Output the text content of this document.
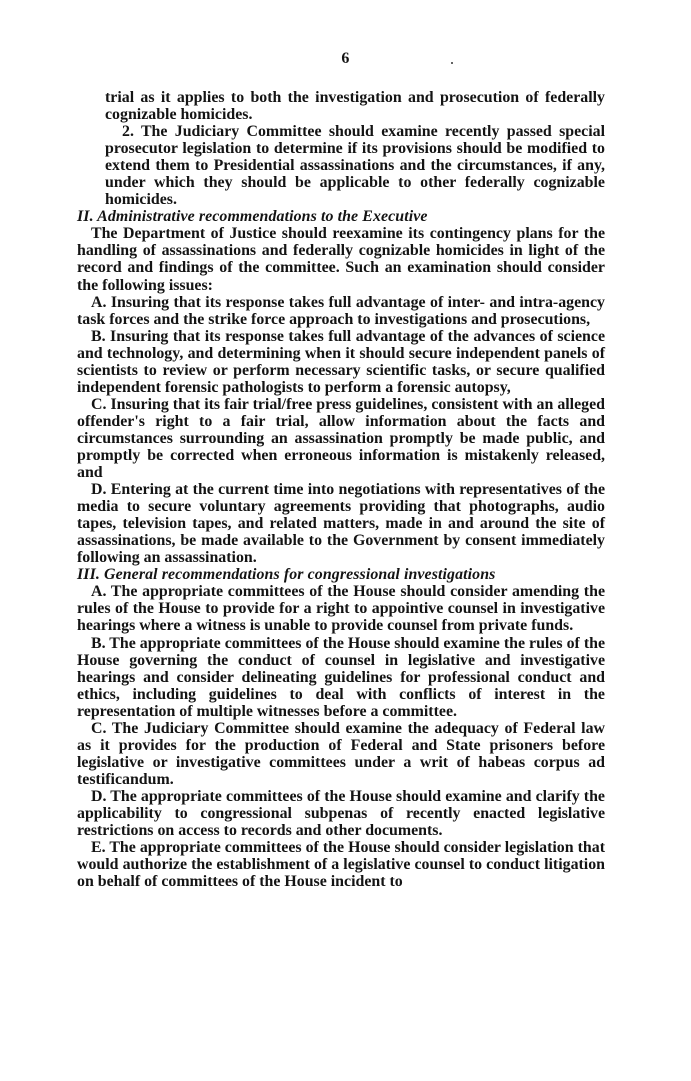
6

trial as it applies to both the investigation and prosecution of federally cognizable homicides.

2. The Judiciary Committee should examine recently passed special prosecutor legislation to determine if its provisions should be modified to extend them to Presidential assassinations and the circumstances, if any, under which they should be applicable to other federally cognizable homicides.

II. Administrative recommendations to the Executive

The Department of Justice should reexamine its contingency plans for the handling of assassinations and federally cognizable homicides in light of the record and findings of the committee. Such an examination should consider the following issues:

A. Insuring that its response takes full advantage of inter- and intra-agency task forces and the strike force approach to investigations and prosecutions,

B. Insuring that its response takes full advantage of the advances of science and technology, and determining when it should secure independent panels of scientists to review or perform necessary scientific tasks, or secure qualified independent forensic pathologists to perform a forensic autopsy,

C. Insuring that its fair trial/free press guidelines, consistent with an alleged offender's right to a fair trial, allow information about the facts and circumstances surrounding an assassination promptly be made public, and promptly be corrected when erroneous information is mistakenly released, and

D. Entering at the current time into negotiations with representatives of the media to secure voluntary agreements providing that photographs, audio tapes, television tapes, and related matters, made in and around the site of assassinations, be made available to the Government by consent immediately following an assassination.

III. General recommendations for congressional investigations

A. The appropriate committees of the House should consider amending the rules of the House to provide for a right to appointive counsel in investigative hearings where a witness is unable to provide counsel from private funds.

B. The appropriate committees of the House should examine the rules of the House governing the conduct of counsel in legislative and investigative hearings and consider delineating guidelines for professional conduct and ethics, including guidelines to deal with conflicts of interest in the representation of multiple witnesses before a committee.

C. The Judiciary Committee should examine the adequacy of Federal law as it provides for the production of Federal and State prisoners before legislative or investigative committees under a writ of habeas corpus ad testificandum.

D. The appropriate committees of the House should examine and clarify the applicability to congressional subpenas of recently enacted legislative restrictions on access to records and other documents.

E. The appropriate committees of the House should consider legislation that would authorize the establishment of a legislative counsel to conduct litigation on behalf of committees of the House incident to
